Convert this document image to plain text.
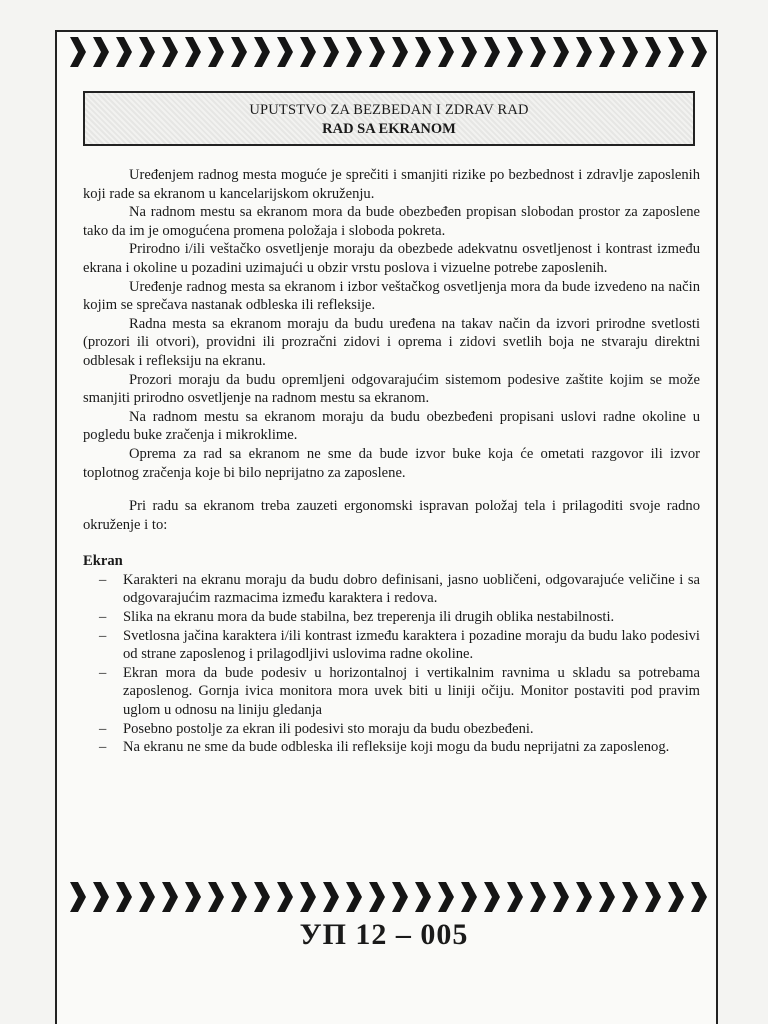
UPUTSTVO ZA BEZBEDAN I ZDRAV RAD
RAD SA EKRANOM

Uređenjem radnog mesta moguće je sprečiti i smanjiti rizike po bezbednost i zdravlje zaposlenih koji rade sa ekranom u kancelarijskom okruženju.

Na radnom mestu sa ekranom mora da bude obezbeđen propisan slobodan prostor za zaposlene tako da im je omogućena promena položaja i sloboda pokreta.

Prirodno i/ili veštačko osvetljenje moraju da obezbede adekvatnu osvetljenost i kontrast između ekrana i okoline u pozadini uzimajući u obzir vrstu poslova i vizuelne potrebe zaposlenih.

Uređenje radnog mesta sa ekranom i izbor veštačkog osvetljenja mora da bude izvedeno na način kojim se sprečava nastanak odbleska ili refleksije.

Radna mesta sa ekranom moraju da budu uređena na takav način da izvori prirodne svetlosti (prozori ili otvori), providni ili prozračni zidovi i oprema i zidovi svetlih boja ne stvaraju direktni odblesak i refleksiju na ekranu.

Prozori moraju da budu opremljeni odgovarajućim sistemom podesive zaštite kojim se može smanjiti prirodno osvetljenje na radnom mestu sa ekranom.

Na radnom mestu sa ekranom moraju da budu obezbeđeni propisani uslovi radne okoline u pogledu buke zračenja i mikroklime.

Oprema za rad sa ekranom ne sme da bude izvor buke koja će ometati razgovor ili izvor toplotnog zračenja koje bi bilo neprijatno za zaposlene.

Pri radu sa ekranom treba zauzeti ergonomski ispravan položaj tela i prilagoditi svoje radno okruženje i to:

Ekran
– Karakteri na ekranu moraju da budu dobro definisani, jasno uobličeni, odgovarajuće veličine i sa odgovarajućim razmacima između karaktera i redova.
– Slika na ekranu mora da bude stabilna, bez treperenja ili drugih oblika nestabilnosti.
– Svetlosna jačina karaktera i/ili kontrast između karaktera i pozadine moraju da budu lako podesivi od strane zaposlenog i prilagodljivi uslovima radne okoline.
– Ekran mora da bude podesiv u horizontalnoj i vertikalnim ravnima u skladu sa potrebama zaposlenog. Gornja ivica monitora mora uvek biti u liniji očiju. Monitor postaviti pod pravim uglom u odnosu na liniju gledanja
– Posebno postolje za ekran ili podesivi sto moraju da budu obezbeđeni.
– Na ekranu ne sme da bude odbleska ili refleksije koji mogu da budu neprijatni za zaposlenog.
УП 12 – 005
